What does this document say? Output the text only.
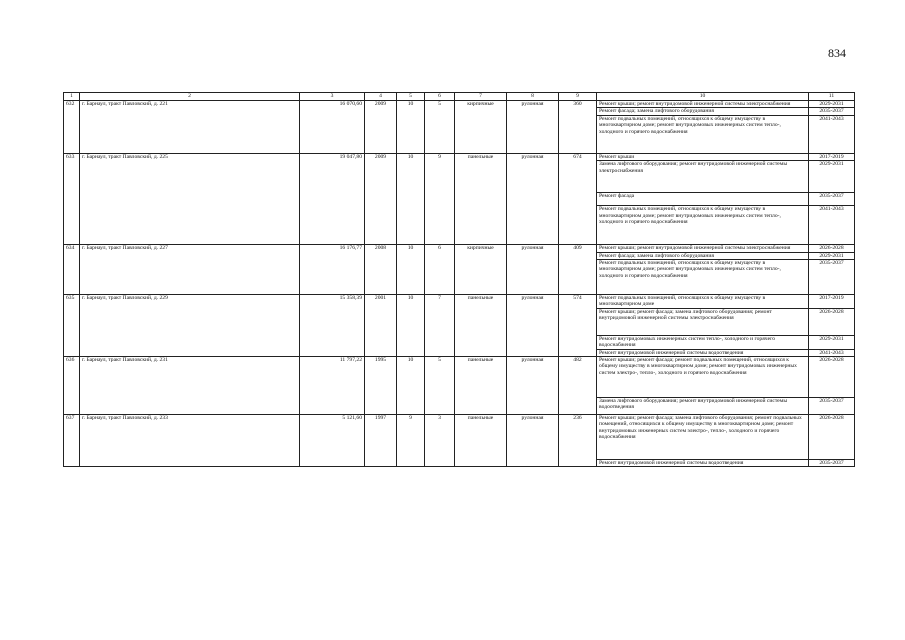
834
1	2	3	4	5	6	7	8	9	10	11
632	г. Барнаул, тракт Павловский, д. 221	16 070,60	2009	10	5	кирпичные	рулонная	360	Ремонт крыши; ремонт внутридомовой инженерной системы электроснабжения	2029-2031
									Ремонт фасада; замена лифтового оборудования	2035-2037
									Ремонт подвальных помещений, относящихся к общему имуществу в многоквартирном доме; ремонт внутридомовых инженерных систем тепло-, холодного и горячего водоснабжения	2041-2043
633	г. Барнаул, тракт Павловский, д. 225	19 047,80	2009	10	9	панельные	рулонная	674	Ремонт крыши	2017-2019
									Замена лифтового оборудования; ремонт внутридомовой инженерной системы электроснабжения	2029-2031
									Ремонт фасада	2035-2037
									Ремонт подвальных помещений, относящихся к общему имуществу в многоквартирном доме; ремонт внутридомовых инженерных систем тепло-, холодного и горячего водоснабжения	2041-2043
634	г. Барнаул, тракт Павловский, д. 227	16 176,77	2008	10	6	кирпичные	рулонная	409	Ремонт крыши; ремонт внутридомовой инженерной системы электроснабжения	2026-2028
									Ремонт фасада; замена лифтового оборудования	2029-2031
									Ремонт подвальных помещений, относящихся к общему имуществу в многоквартирном доме; ремонт внутридомовых инженерных систем тепло-, холодного и горячего водоснабжения	2035-2037
635	г. Барнаул, тракт Павловский, д. 229	15 358,39	2001	10	7	панельные	рулонная	574	Ремонт подвальных помещений, относящихся к общему имуществу в многоквартирном доме	2017-2019
									Ремонт крыши; ремонт фасада; замена лифтового оборудования; ремонт внутридомовой инженерной системы электроснабжения	2026-2028
									Ремонт внутридомовых инженерных систем тепло-, холодного и горячего водоснабжения	2029-2031
									Ремонт внутридомовой инженерной системы водоотведения	2041-2043
636	г. Барнаул, тракт Павловский, д. 231	11 797,22	1995	10	5	панельные	рулонная	482	Ремонт крыши; ремонт фасада; ремонт подвальных помещений, относящихся к общему имуществу в многоквартирном доме; ремонт внутридомовых инженерных систем электро-, тепло-, холодного и горячего водоснабжения	2026-2028
									Замена лифтового оборудования; ремонт внутридомовой инженерной системы водоотведения	2035-2037
637	г. Барнаул, тракт Павловский, д. 233	5 121,60	1997	9	3	панельные	рулонная	236	Ремонт крыши; ремонт фасада; замена лифтового оборудования; ремонт подвальных помещений, относящихся к общему имуществу в многоквартирном доме; ремонт внутридомовых инженерных систем электро-, тепло-, холодного и горячего водоснабжения	2026-2028
									Ремонт внутридомовой инженерной системы водоотведения	2035-2037
